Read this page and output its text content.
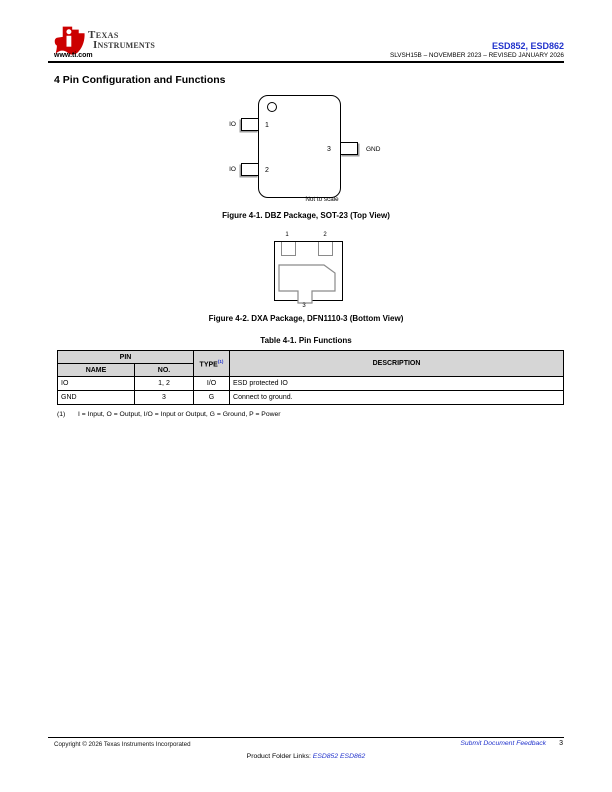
Texas
Instruments
www.ti.com
ESD852, ESD862
SLVSH15B – NOVEMBER 2023 – REVISED JANUARY 2026
4 Pin Configuration and Functions
IO	1
IO	2
3	GND
Not to scale
Figure 4-1. DBZ Package, SOT-23 (Top View)
1	2
3
Figure 4-2. DXA Package, DFN1110-3 (Bottom View)
Table 4-1. Pin Functions
PIN		TYPE$^{(1)}$	DESCRIPTION
NAME	NO.		
IO	1, 2	I/O	ESD protected IO
GND	3	G	Connect to ground.
(1) I = Input, O = Output, I/O = Input or Output, G = Ground, P = Power
Copyright © 2026 Texas Instruments Incorporated	Submit Document Feedback 3
Product Folder Links: ESD852 ESD862
